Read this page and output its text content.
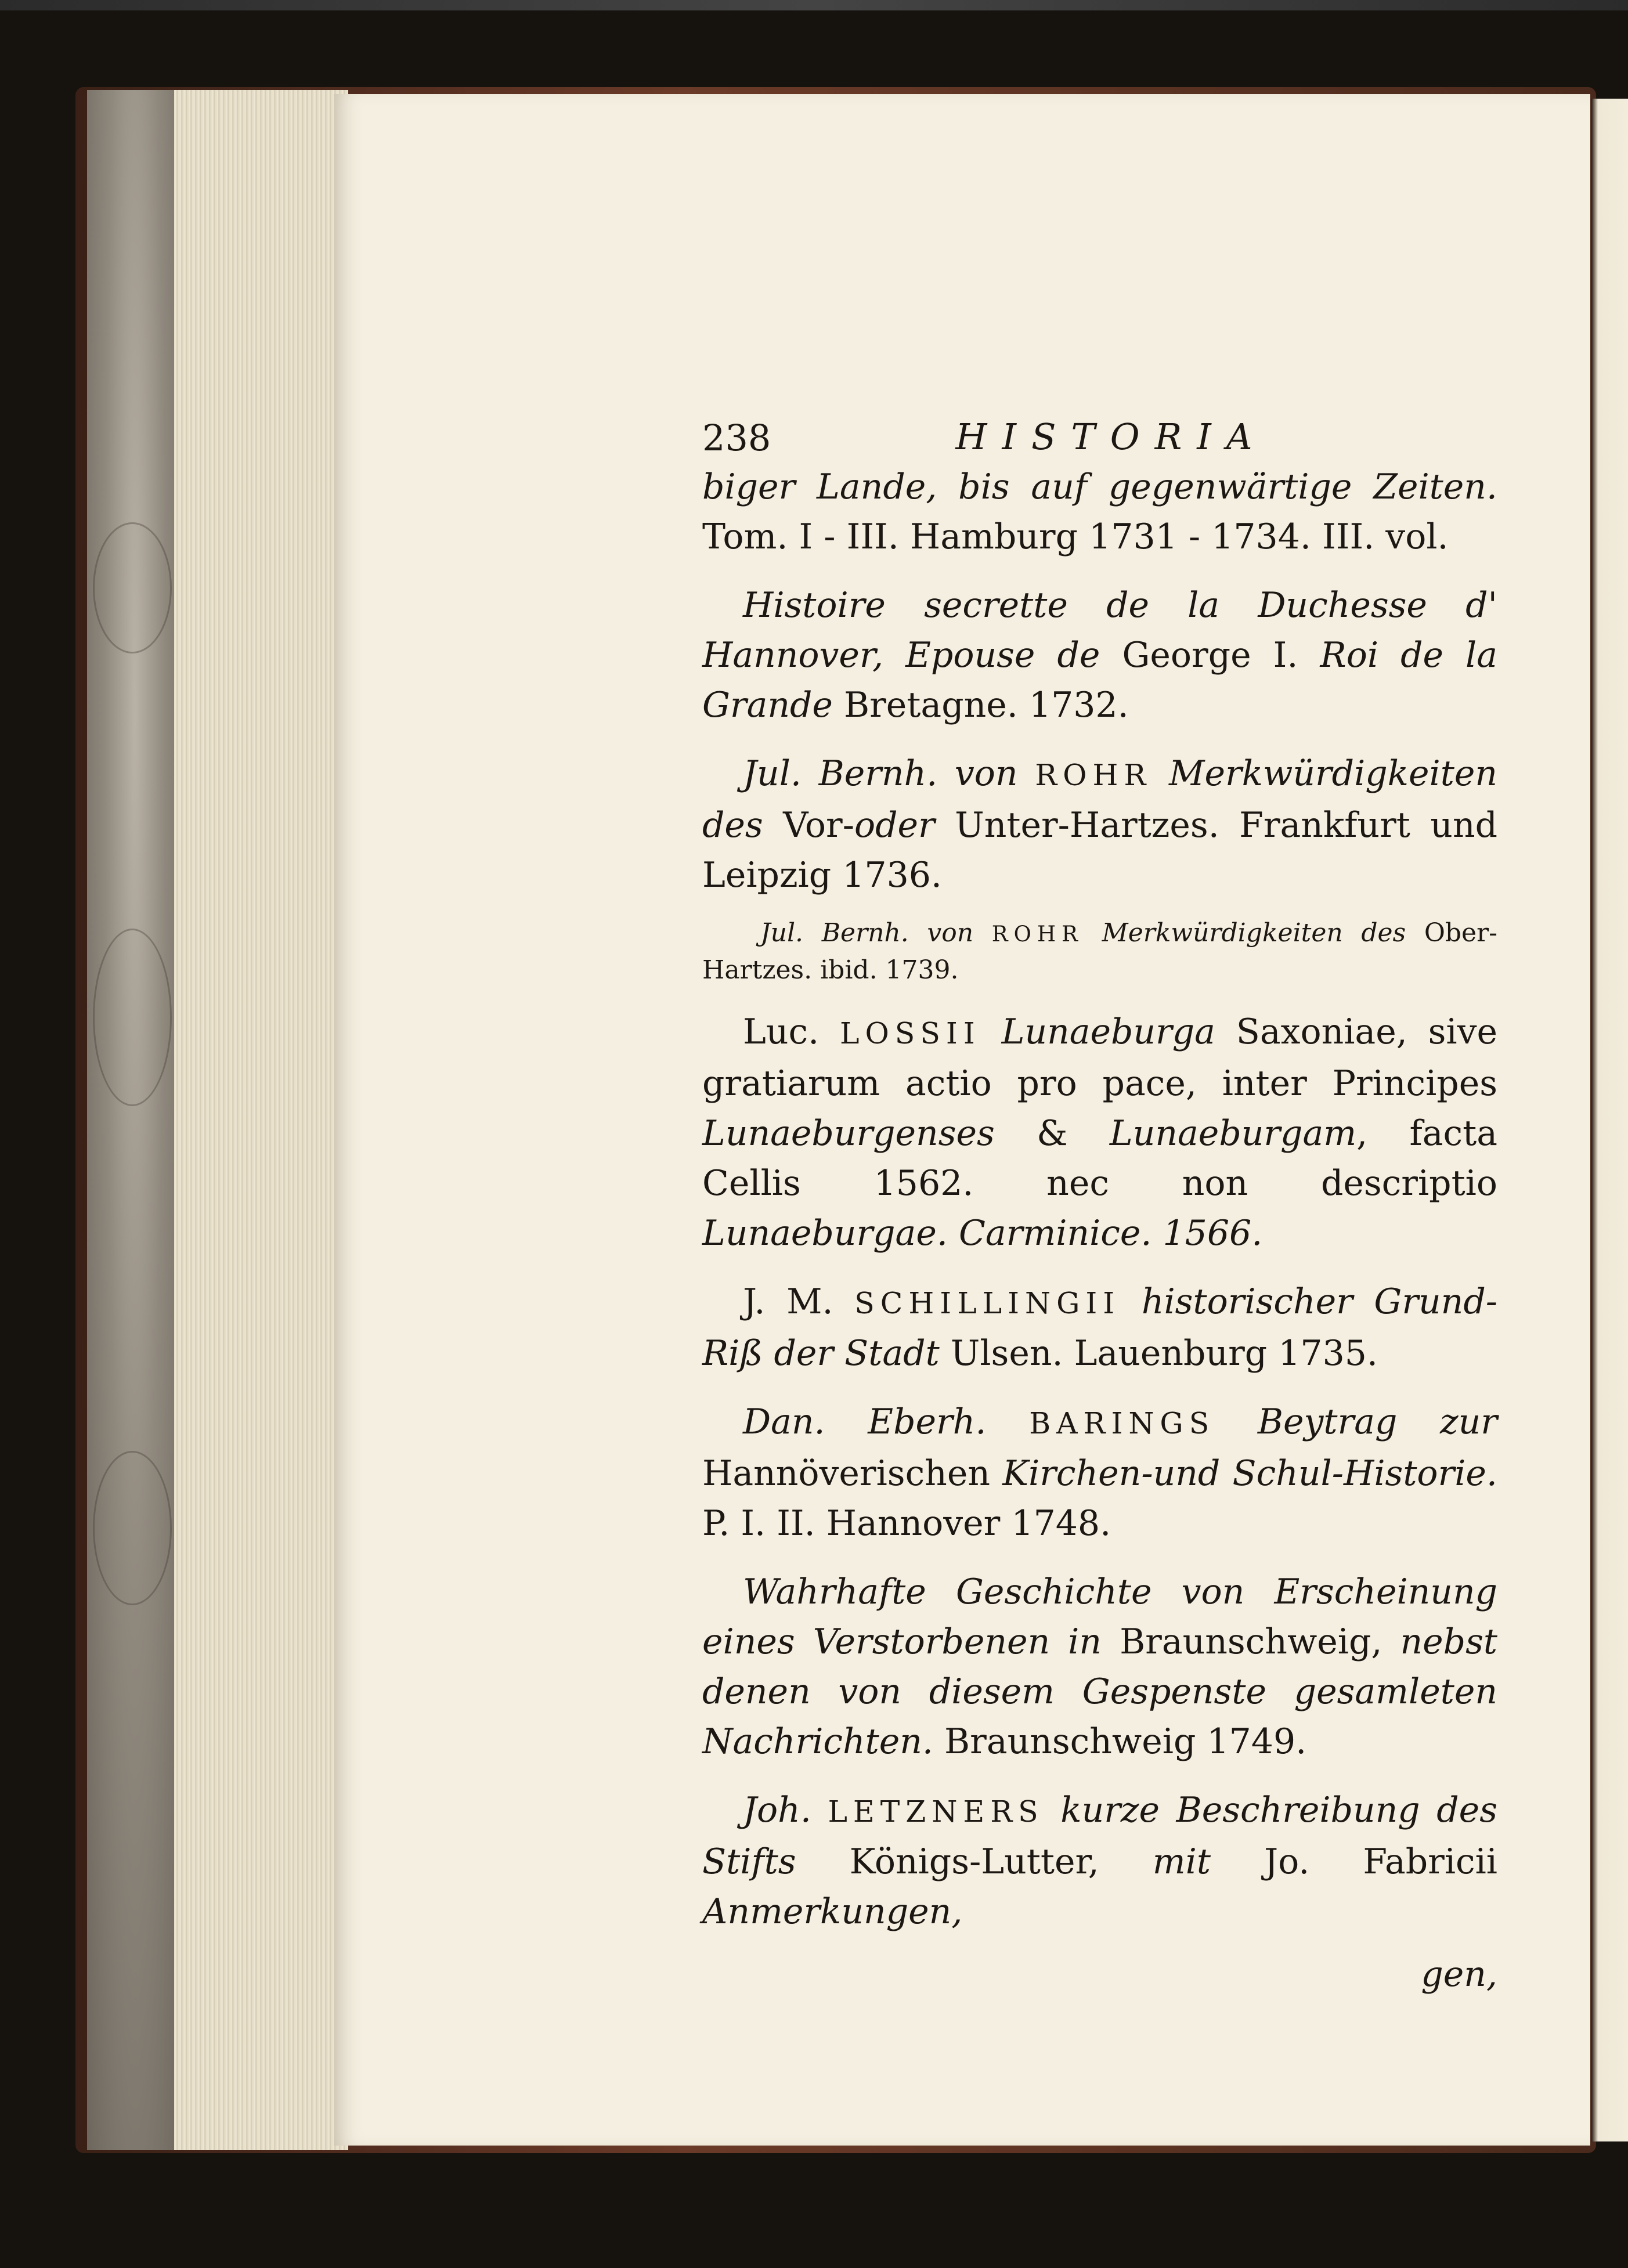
238	HISTORIA

biger Lande, bis auf gegenwärtige Zeiten. Tom. I - III. Hamburg 1731 - 1734. III. vol.

Histoire secrette de la Duchesse d' Hannover, Epouse de George I. Roi de la Grande Bretagne. 1732.

Jul. Bernh. von ROHR Merkwürdigkeiten des Vor-oder Unter-Hartzes. Frankfurt und Leipzig 1736.

Jul. Bernh. von ROHR Merkwürdigkeiten des Ober-Hartzes. ibid. 1739.

Luc. LOSSII Lunaeburga Saxoniae, sive gratiarum actio pro pace, inter Principes Lunaeburgenses & Lunaeburgam, facta Cellis 1562. nec non descriptio Lunaeburgae. Carminice. 1566.

J. M. SCHILLINGII historischer Grund-Riß der Stadt Ulsen. Lauenburg 1735.

Dan. Eberh. BARINGS Beytrag zur Hannöverischen Kirchen-und Schul-Historie. P. I. II. Hannover 1748.

Wahrhafte Geschichte von Erscheinung eines Verstorbenen in Braunschweig, nebst denen von diesem Gespenste gesamleten Nachrichten. Braunschweig 1749.

Joh. LETZNERS kurze Beschreibung des Stifts Königs-Lutter, mit Jo. Fabricii Anmerkungen,

gen,
